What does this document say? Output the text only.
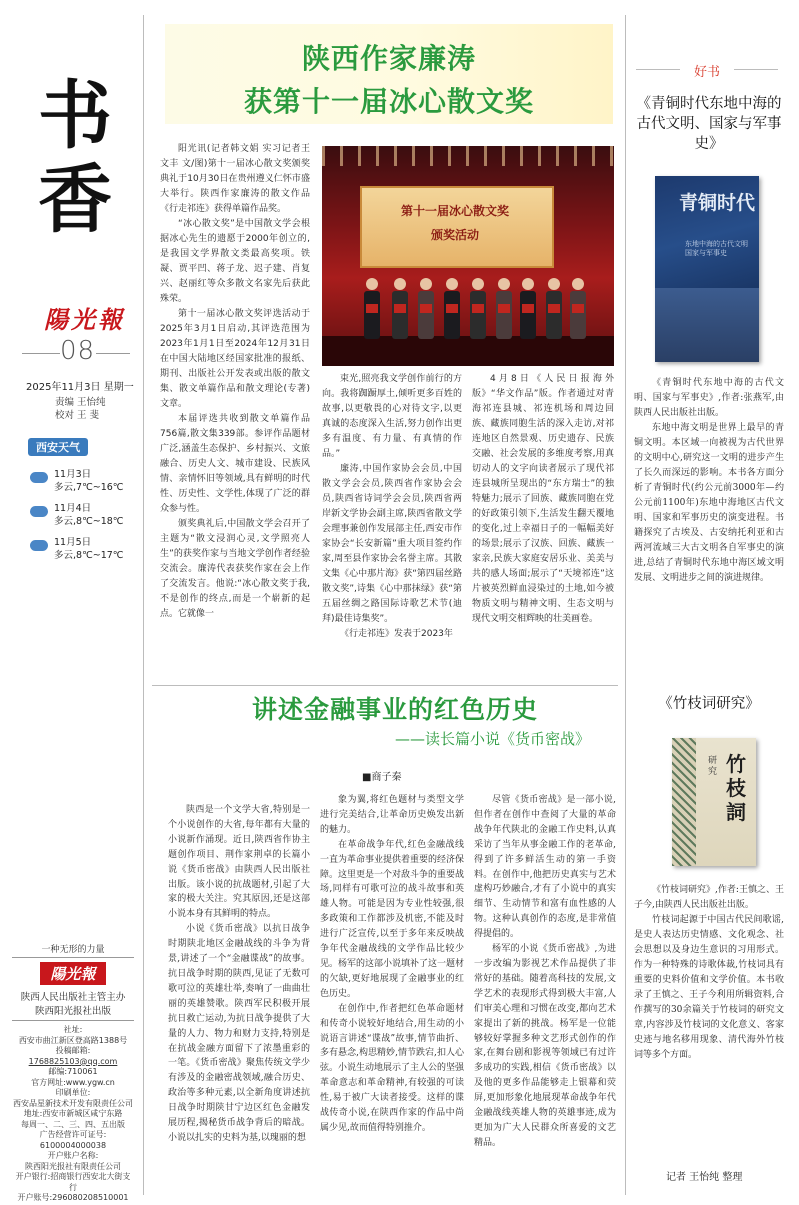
书
香
陽光報
08
2025年11月3日 星期一
责编 王怡纯
校对 王 斐
西安天气
11月3日
多云,7℃~16℃
11月4日
多云,8℃~18℃
11月5日
多云,8℃~17℃
一种无形的力量
陽光報
陕西人民出版社主管主办
陕西阳光报社出版
社址:
西安市曲江新区登高路1388号
投稿邮箱:
1768825103@qq.com
邮编:710061
官方网址:www.ygw.cn
印刷单位:
西安品星新技术开发有限责任公司
地址:西安市新城区咸宁东路
每周一、二、三、四、五出版
广告经营许可证号:
6100004000038
开户账户名称:
陕西阳光报社有限责任公司
开户银行:招商银行西安北大街支行
开户账号:296080208510001
陕西作家廉涛
获第十一届冰心散文奖
第十一届冰心散文奖
颁奖活动

阳光讯(记者韩文娟 实习记者王文丰 文/图)第十一届冰心散文奖颁奖典礼于10月30日在贵州遵义仁怀市盛大举行。陕西作家廉涛的散文作品《行走祁连》获得单篇作品奖。

“冰心散文奖”是中国散文学会根据冰心先生的遗愿于2000年创立的,是我国文学界散文类最高奖项。铁凝、贾平凹、蒋子龙、迟子建、肖复兴、赵丽红等众多散文名家先后获此殊荣。

第十一届冰心散文奖评选活动于2025年3月1日启动,其评选范围为2023年1月1日至2024年12月31日在中国大陆地区经国家批准的报纸、期刊、出版社公开发表或出版的散文集、散文单篇作品和散文理论(专著)文章。

本届评选共收到散文单篇作品756篇,散文集339部。参评作品题材广泛,涵盖生态保护、乡村振兴、文旅融合、历史人文、城市建设、民族风情、亲情怀旧等领域,具有鲜明的时代性、历史性、文学性,体现了广泛的群众参与性。

颁奖典礼后,中国散文学会召开了主题为“散文浸润心灵,文学照亮人生”的获奖作家与当地文学创作者经验交流会。廉涛代表获奖作家在会上作了交流发言。他说:“冰心散文奖于我,不是创作的终点,而是一个崭新的起点。它就像一

束光,照亮我文学创作前行的方向。我将踟蹰厚土,倾听更多百姓的故事,以更敬畏的心对待文字,以更真诚的态度深入生活,努力创作出更多有温度、有力量、有真情的作品。”

廉涛,中国作家协会会员,中国散文学会会员,陕西省作家协会会员,陕西省诗词学会会员,陕西省两岸新文学协会副主席,陕西省散文学会理事兼创作发展部主任,西安市作家协会“长安新篇”重大项目签约作家,周至县作家协会名誉主席。其散文集《心中那片海》获“第四届丝路散文奖”,诗集《心中那抹绿》获“第五届丝绸之路国际诗歌艺术节(迪拜)最佳诗集奖”。

《行走祁连》发表于2023年

4月8日《人民日报海外版》“华文作品”版。作者通过对青海祁连县城、祁连机场和周边回族、藏族同胞生活的深入走访,对祁连地区自然景观、历史遗存、民族交融、社会发展的多维度考察,用真切动人的文字向读者展示了现代祁连县城所呈现出的“东方瑞士”的独特魅力;展示了回族、藏族同胞在党的好政策引领下,生活发生翻天覆地的变化,过上幸福日子的一幅幅美好的场景;展示了汉族、回族、藏族一家亲,民族大家庭安居乐业、美美与共的感人场面;展示了“天境祁连”这片被英烈鲜血浸染过的土地,如今被物质文明与精神文明、生态文明与现代文明交相辉映的壮美画卷。

讲述金融事业的红色历史
——读长篇小说《货币密战》
■商子秦

陕西是一个文学大省,特别是一个小说创作的大省,每年都有大量的小说新作涌现。近日,陕西省作协主题创作项目、荆作家荆卓的长篇小说《货币密战》由陕西人民出版社出版。该小说的抗战题材,引起了大家的极大关注。究其原因,还是这部小说本身有其鲜明的特点。

小说《货币密战》以抗日战争时期陕北地区金融战线的斗争为背景,讲述了一个“金融谍战”的故事。抗日战争时期的陕西,见证了无数可歌可泣的英雄壮举,奏响了一曲曲壮丽的英雄赞歌。陕西军民积极开展抗日救亡运动,为抗日战争提供了大量的人力、物力和财力支持,特别是在抗战金融方面留下了浓墨重彩的一笔。《货币密战》聚焦传统文学少有涉及的金融密战领域,融合历史、政治等多种元素,以全新角度讲述抗日战争时期陕甘宁边区红色金融发展历程,揭秘货币战争背后的暗战。小说以扎实的史料为基,以瑰丽的想

象为翼,将红色题材与类型文学进行完美结合,让革命历史焕发出新的魅力。

在革命战争年代,红色金融战线一直为革命事业提供着重要的经济保障。这里更是一个对敌斗争的重要战场,同样有可歌可泣的战斗故事和英雄人物。可能是因为专业性较强,很多政策和工作都涉及机密,不能及时进行广泛宣传,以至于多年来反映战争年代金融战线的文学作品比较少见。杨军的这部小说填补了这一题材的欠缺,更好地展现了金融事业的红色历史。

在创作中,作者把红色革命题材和传奇小说较好地结合,用生动的小说语言讲述“谍战”故事,情节曲折、多有悬念,构思精妙,情节跌宕,扣人心弦。小说生动地展示了主人公的坚强革命意志和革命精神,有较强的可读性,易于被广大读者接受。这样的谍战传奇小说,在陕西作家的作品中尚属少见,故而值得特别推介。

尽管《货币密战》是一部小说,但作者在创作中查阅了大量的革命战争年代陕北的金融工作史料,认真采访了当年从事金融工作的老革命,得到了许多鲜活生动的第一手资料。在创作中,他把历史真实与艺术虚构巧妙融合,才有了小说中的真实细节、生动情节和富有血性感的人物。这种认真创作的态度,是非常值得提倡的。

杨军的小说《货币密战》,为进一步改编为影视艺术作品提供了非常好的基础。随着高科技的发展,文学艺术的表现形式得到极大丰富,人们审美心理和习惯在改变,都向艺术家提出了新的挑战。杨军是一位能够较好掌握多种文艺形式创作的作家,在舞台剧和影视等领域已有过许多成功的实践,相信《货币密战》以及他的更多作品能够走上银幕和荧屏,更加形象化地展现革命战争年代金融战线英雄人物的英雄事迹,成为更加为广大人民群众所喜爱的文艺精品。

好书
《青铜时代东地中海的古代文明、国家与军事史》
青铜时代
东地中海的古代文明国家与军事史

《青铜时代东地中海的古代文明、国家与军事史》,作者:张燕军,由陕西人民出版社出版。

东地中海文明是世界上最早的青铜文明。本区域一向被视为古代世界的文明中心,研究这一文明的进步产生了长久而深远的影响。本书各方面分析了青铜时代(约公元前3000年—约公元前1100年)东地中海地区古代文明、国家和军事历史的演变进程。书籍探究了古埃及、古安纳托利亚和古两河流域三大古文明各自军事史的演进,总结了青铜时代东地中海区域文明发展、文明进步之间的演进规律。

《竹枝词研究》
研究 竹枝詞

《竹枝词研究》,作者:王慎之、王子今,由陕西人民出版社出版。

竹枝词起源于中国古代民间歌谣,是史人表达历史情感、文化观念、社会思想以及身边生意识的习用形式。作为一种特殊的诗歌体裁,竹枝词具有重要的史料价值和文学价值。本书收录了王慎之、王子今利用所辑资料,合作撰写的30余篇关于竹枝词的研究文章,内容涉及竹枝词的文化意义、客家史迹与地名移用现象、清代海外竹枝词等多个方面。

记者 王怡纯 整理
